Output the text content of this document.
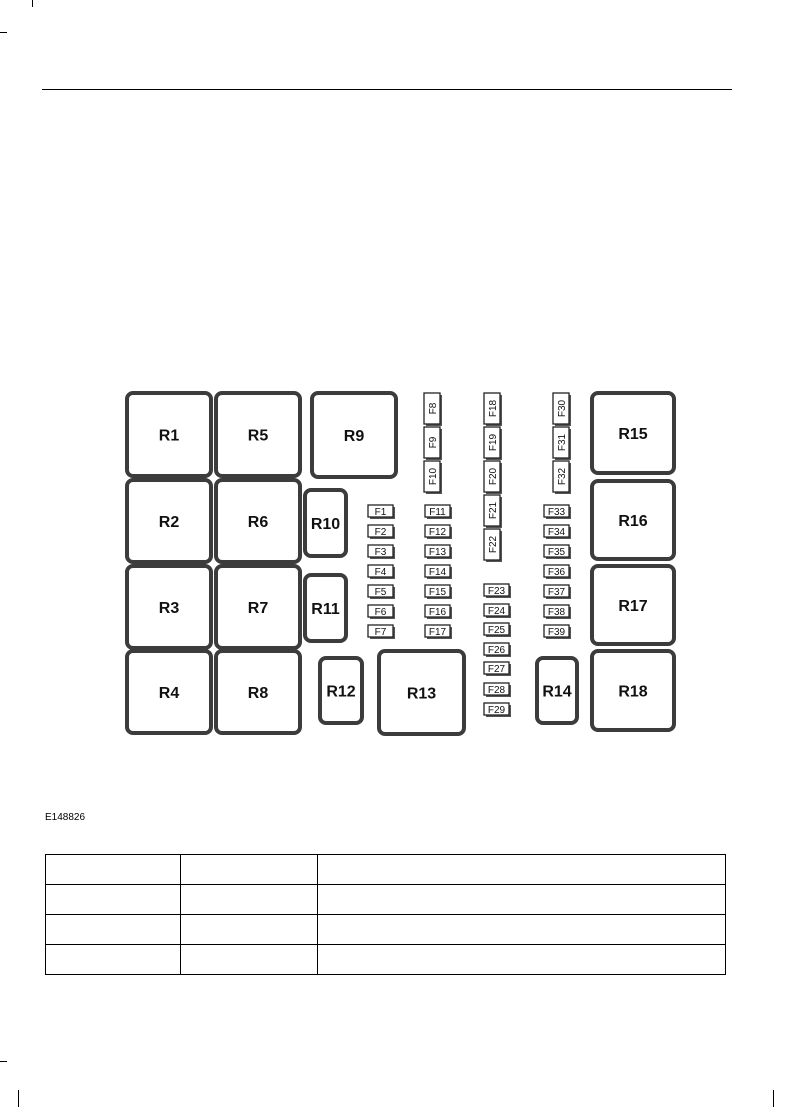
R1
R2
R3
R4
R5
R6
R7
R8
R9
R10
R11
R12	R13	R14
R15
R16
R17
R18
F1
F2
F3
F4
F5
F6
F7
F8
F9
F10
F11
F12
F13
F14
F15
F16
F17
F18
F19
F20
F21
F22
F23
F24
F25
F26
F27
F28
F29
F30
F31
F32
F33
F34
F35
F36
F37
F38
F39
E148826
